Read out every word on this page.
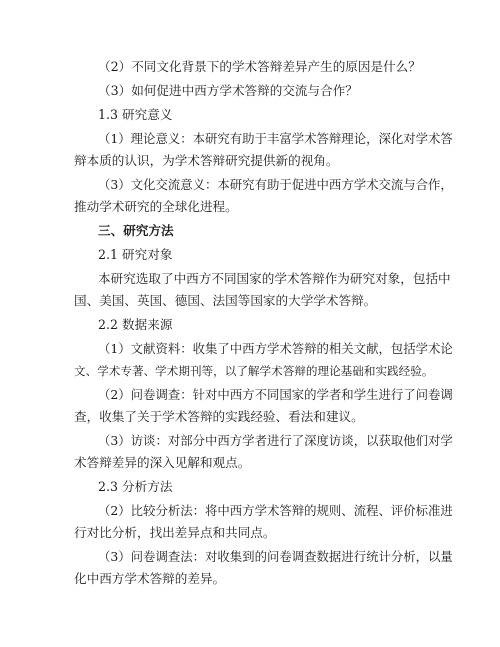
（2）不同文化背景下的学术答辩差异产生的原因是什么？
（3）如何促进中西方学术答辩的交流与合作？
1.3 研究意义
（1）理论意义：本研究有助于丰富学术答辩理论，深化对学术答
辩本质的认识，为学术答辩研究提供新的视角。
（3）文化交流意义：本研究有助于促进中西方学术交流与合作，
推动学术研究的全球化进程。
三、研究方法
2.1 研究对象
本研究选取了中西方不同国家的学术答辩作为研究对象，包括中
国、美国、英国、德国、法国等国家的大学学术答辩。
2.2 数据来源
（1）文献资料：收集了中西方学术答辩的相关文献，包括学术论
文、学术专著、学术期刊等，以了解学术答辩的理论基础和实践经验。
（2）问卷调查：针对中西方不同国家的学者和学生进行了问卷调
查，收集了关于学术答辩的实践经验、看法和建议。
（3）访谈：对部分中西方学者进行了深度访谈，以获取他们对学
术答辩差异的深入见解和观点。
2.3 分析方法
（2）比较分析法：将中西方学术答辩的规则、流程、评价标准进
行对比分析，找出差异点和共同点。
（3）问卷调查法：对收集到的问卷调查数据进行统计分析，以量
化中西方学术答辩的差异。
